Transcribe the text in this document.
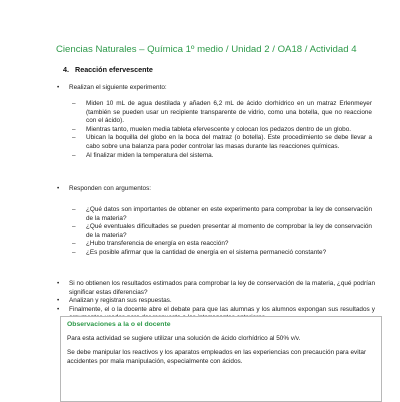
Ciencias Naturales – Química 1º medio / Unidad 2 / OA18 / Actividad 4
4. Reacción efervescente
•	Realizan el siguiente experimento:
– Miden 10 mL de agua destilada y añaden 6,2 mL de ácido clorhídrico en un matraz Erlenmeyer (también se pueden usar un recipiente transparente de vidrio, como una botella, que no reaccione con el ácido).
– Mientras tanto, muelen media tableta efervescente y colocan los pedazos dentro de un globo.
– Ubican la boquilla del globo en la boca del matraz (o botella). Este procedimiento se debe llevar a cabo sobre una balanza para poder controlar las masas durante las reacciones químicas.
– Al finalizar miden la temperatura del sistema.
•	Responden con argumentos:
– ¿Qué datos son importantes de obtener en este experimento para comprobar la ley de conservación de la materia?
– ¿Qué eventuales dificultades se pueden presentar al momento de comprobar la ley de conservación de la materia?
– ¿Hubo transferencia de energía en esta reacción?
– ¿Es posible afirmar que la cantidad de energía en el sistema permaneció constante?
• Si no obtienen los resultados estimados para comprobar la ley de conservación de la materia, ¿qué podrían significar estas diferencias?
• Analizan y registran sus respuestas.
• Finalmente, el o la docente abre el debate para que las alumnas y los alumnos expongan sus resultados y
Observaciones a la o el docente
Para esta actividad se sugiere utilizar una solución de ácido clorhídrico al 50% v/v.
Se debe manipular los reactivos y los aparatos empleados en las experiencias con precaución para evitar accidentes por mala manipulación, especialmente con ácidos.
